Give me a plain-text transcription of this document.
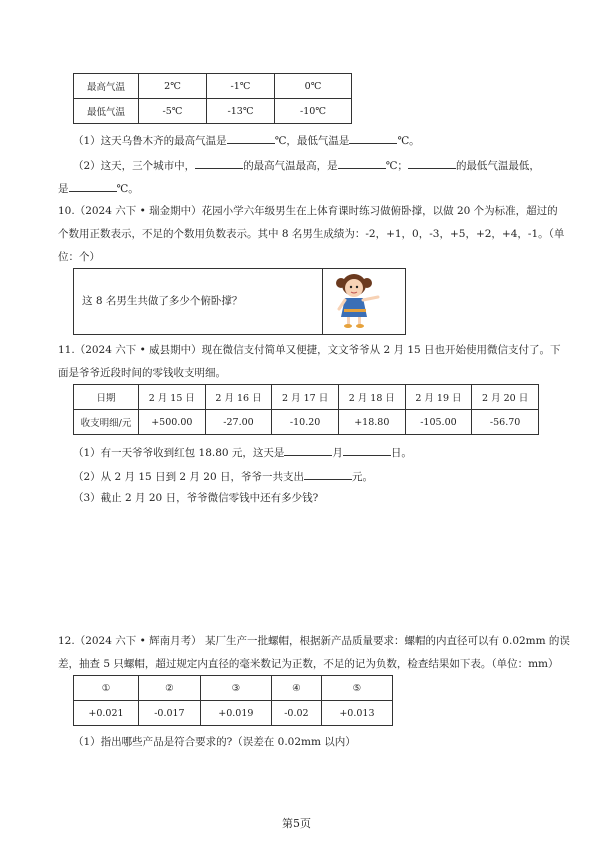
最高气温	2℃	-1℃	0℃
最低气温	-5℃	-13℃	-10℃
（1）这天乌鲁木齐的最高气温是	℃，最低气温是	℃。
（2）这天，三个城市中，	的最高气温最高，是	℃；	的最低气温最低，
是	℃。
10.（2024 六下 • 瑞金期中）花园小学六年级男生在上体育课时练习做俯卧撑，以做 20 个为标准，超过的
个数用正数表示，不足的个数用负数表示。其中 8 名男生成绩为：-2，+1，0，-3，+5，+2，+4，-1。（单
位：个）
这 8 名男生共做了多少个俯卧撑？
11.（2024 六下 • 威县期中）现在微信支付简单又便捷，文文爷爷从 2 月 15 日也开始使用微信支付了。下
面是爷爷近段时间的零钱收支明细。
日期	2 月 15 日	2 月 16 日	2 月 17 日	2 月 18 日	2 月 19 日	2 月 20 日
收支明细/元	+500.00	-27.00	-10.20	+18.80	-105.00	-56.70
（1）有一天爷爷收到红包 18.80 元，这天是	月	日。
（2）从 2 月 15 日到 2 月 20 日，爷爷一共支出	元。
（3）截止 2 月 20 日，爷爷微信零钱中还有多少钱?
12.（2024 六下 • 辉南月考） 某厂生产一批螺帽，根据新产品质量要求：螺帽的内直径可以有 0.02mm 的误
差，抽查 5 只螺帽，超过规定内直径的毫米数记为正数，不足的记为负数，检查结果如下表。（单位：mm）
①	②	③	④	⑤
+0.021	-0.017	+0.019	-0.02	+0.013
（1）指出哪些产品是符合要求的?（误差在 0.02mm 以内）
第5页
